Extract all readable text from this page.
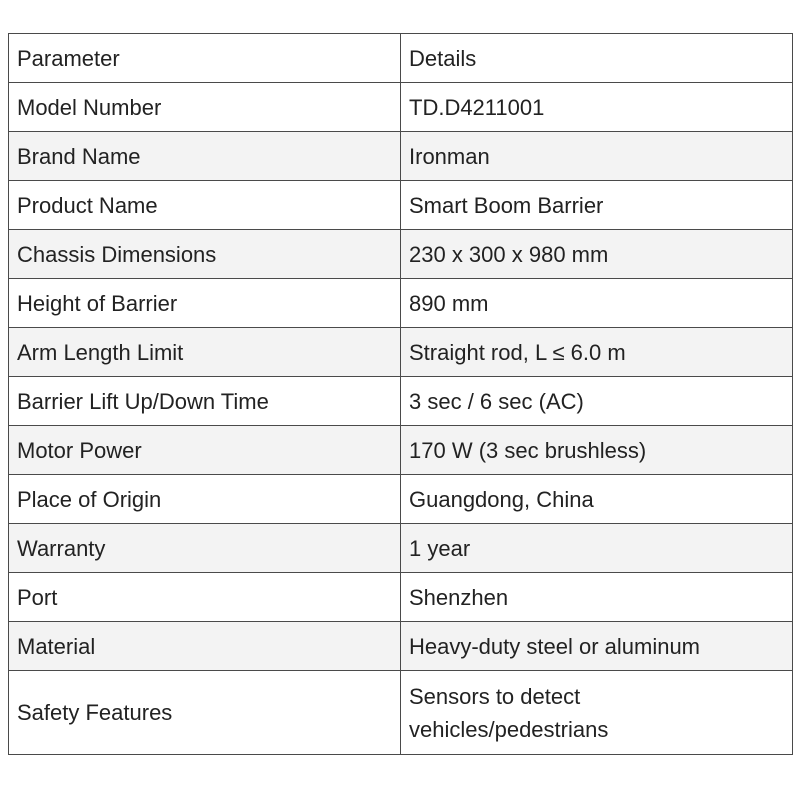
Parameter	Details
Model Number	TD.D4211001
Brand Name	Ironman
Product Name	Smart Boom Barrier
Chassis Dimensions	230 x 300 x 980 mm
Height of Barrier	890 mm
Arm Length Limit	Straight rod, L ≤ 6.0 m
Barrier Lift Up/Down Time	3 sec / 6 sec (AC)
Motor Power	170 W (3 sec brushless)
Place of Origin	Guangdong, China
Warranty	1 year
Port	Shenzhen
Material	Heavy-duty steel or aluminum
Safety Features	Sensors to detect vehicles/pedestrians
